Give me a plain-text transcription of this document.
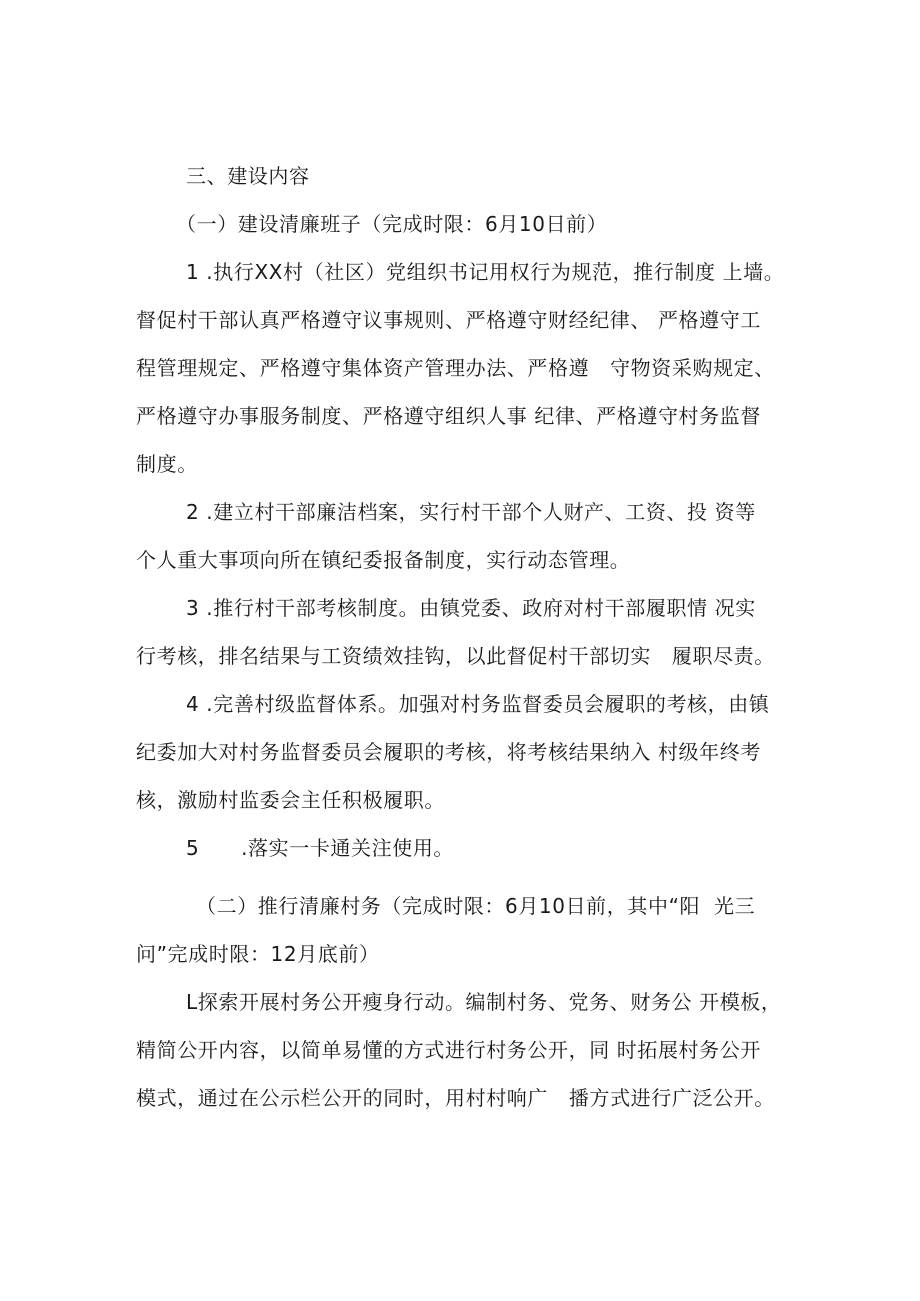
三、建设内容
（一）建设清廉班子（完成时限：6月10日前）
1 .执行XX村（社区）党组织书记用权行为规范，推行制度 上墙。
督促村干部认真严格遵守议事规则、严格遵守财经纪律、 严格遵守工
程管理规定、严格遵守集体资产管理办法、严格遵   守物资采购规定、
严格遵守办事服务制度、严格遵守组织人事 纪律、严格遵守村务监督
制度。
2 .建立村干部廉洁档案，实行村干部个人财产、工资、投 资等
个人重大事项向所在镇纪委报备制度，实行动态管理。
3 .推行村干部考核制度。由镇党委、政府对村干部履职情 况实
行考核，排名结果与工资绩效挂钩，以此督促村干部切实   履职尽责。
4 .完善村级监督体系。加强对村务监督委员会履职的考核，由镇
纪委加大对村务监督委员会履职的考核，将考核结果纳入 村级年终考
核，激励村监委会主任积极履职。
5      .落实一卡通关注使用。
（二）推行清廉村务（完成时限：6月10日前，其中“阳  光三
问”完成时限：12月底前）
L探索开展村务公开瘦身行动。编制村务、党务、财务公 开模板，
精简公开内容，以简单易懂的方式进行村务公开，同 时拓展村务公开
模式，通过在公示栏公开的同时，用村村响广   播方式进行广泛公开。
